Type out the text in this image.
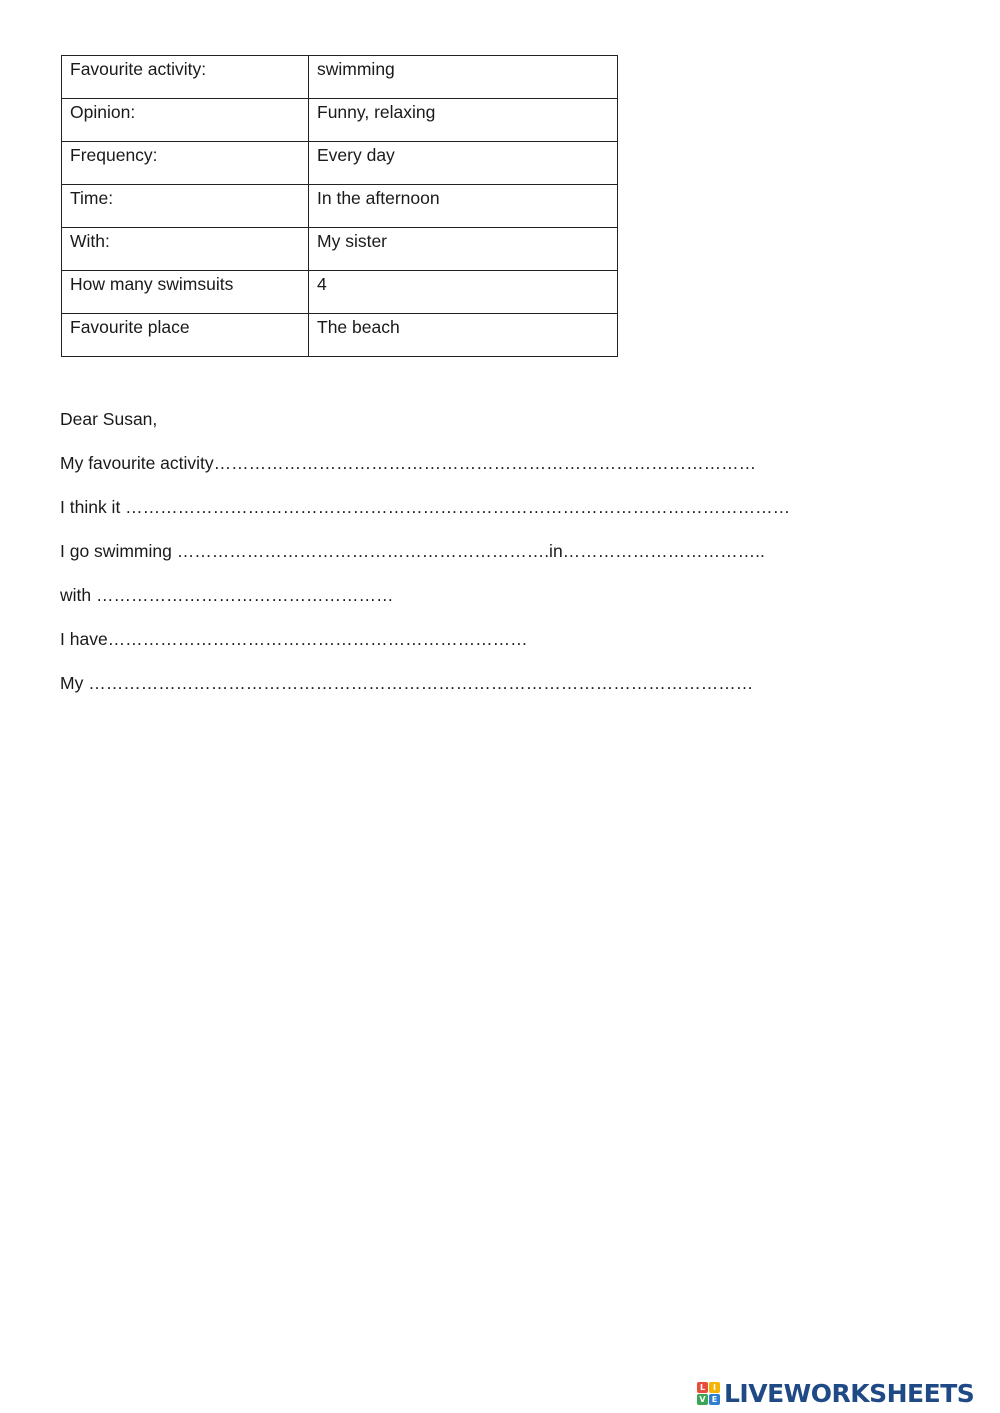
Favourite activity:	swimming
Opinion:	Funny, relaxing
Frequency:	Every day
Time:	In the afternoon
With:	My sister
How many swimsuits	4
Favourite place	The beach
Dear Susan,
My favourite activity…………………………………………………………………………………
I think it ……………………………………………………………………………………………………
I go swimming ……………………………………………………….in……………………………..
with ……………………………………………
I have………………………………………………………………
My ……………………………………………………………………………………………………
L I
V E LIVEWORKSHEETS
